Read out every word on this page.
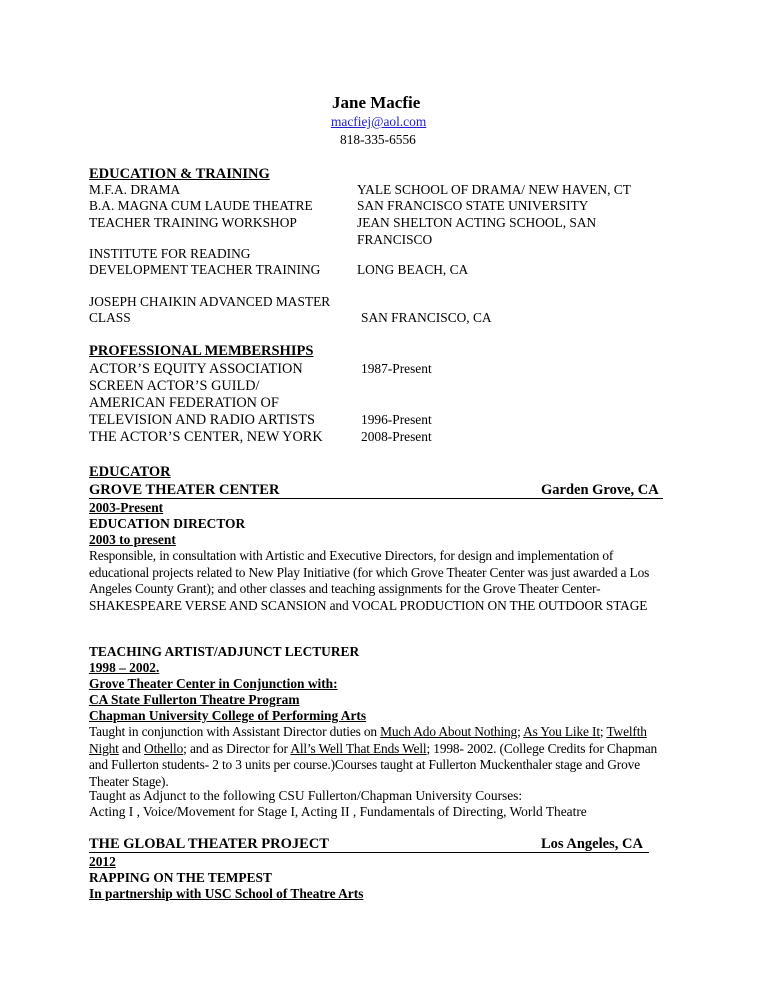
Jane Macfie
macfiej@aol.com
818-335-6556
EDUCATION & TRAINING
M.F.A. DRAMA	YALE SCHOOL OF DRAMA/ NEW HAVEN, CT
B.A. MAGNA CUM LAUDE THEATRE	SAN FRANCISCO STATE UNIVERSITY
TEACHER TRAINING WORKSHOP	JEAN SHELTON ACTING SCHOOL, SAN
FRANCISCO
INSTITUTE FOR READING
DEVELOPMENT TEACHER TRAINING	LONG BEACH, CA
JOSEPH CHAIKIN ADVANCED MASTER
CLASS	SAN FRANCISCO, CA
PROFESSIONAL MEMBERSHIPS
ACTOR’S EQUITY ASSOCIATION	1987-Present
SCREEN ACTOR’S GUILD/
AMERICAN FEDERATION OF
TELEVISION AND RADIO ARTISTS	1996-Present
THE ACTOR’S CENTER, NEW YORK	2008-Present
EDUCATOR
GROVE THEATER CENTER	Garden Grove, CA
2003-Present
EDUCATION DIRECTOR
2003 to present
Responsible, in consultation with Artistic and Executive Directors, for design and implementation of educational projects related to New Play Initiative (for which Grove Theater Center was just awarded a Los Angeles County Grant); and other classes and teaching assignments for the Grove Theater Center- SHAKESPEARE VERSE AND SCANSION and VOCAL PRODUCTION ON THE OUTDOOR STAGE
TEACHING ARTIST/ADJUNCT LECTURER
1998 – 2002.
Grove Theater Center in Conjunction with:
CA State Fullerton Theatre Program
Chapman University College of Performing Arts
Taught in conjunction with Assistant Director duties on Much Ado About Nothing; As You Like It; Twelfth Night and Othello; and as Director for All’s Well That Ends Well; 1998- 2002. (College Credits for Chapman and Fullerton students- 2 to 3 units per course.)Courses taught at Fullerton Muckenthaler stage and Grove Theater Stage).
Taught as Adjunct to the following CSU Fullerton/Chapman University Courses:
Acting I , Voice/Movement for Stage I, Acting II , Fundamentals of Directing, World Theatre
THE GLOBAL THEATER PROJECT	Los Angeles, CA
2012
RAPPING ON THE TEMPEST
In partnership with USC School of Theatre Arts
